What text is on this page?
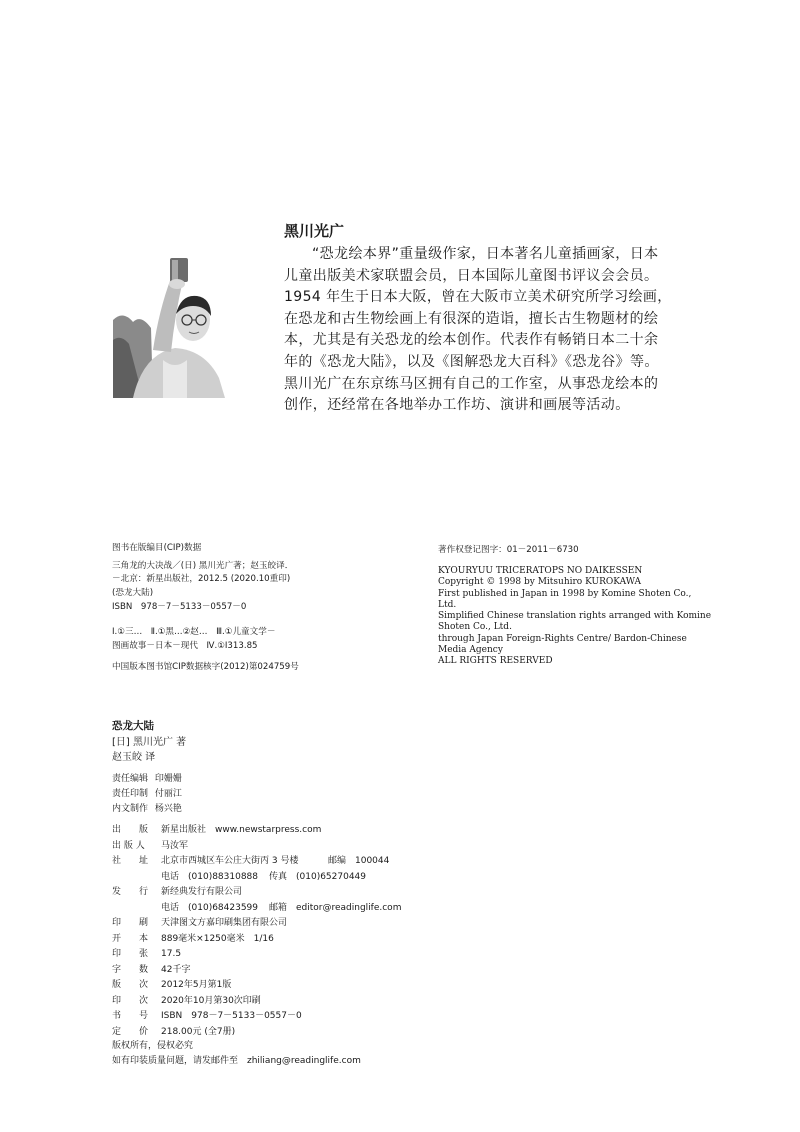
黑川光广
“恐龙绘本界”重量级作家，日本著名儿童插画家，日本
儿童出版美术家联盟会员，日本国际儿童图书评议会会员。
1954 年生于日本大阪，曾在大阪市立美术研究所学习绘画，
在恐龙和古生物绘画上有很深的造诣，擅长古生物题材的绘
本，尤其是有关恐龙的绘本创作。代表作有畅销日本二十余
年的《恐龙大陆》，以及《图解恐龙大百科》《恐龙谷》等。
黑川光广在东京练马区拥有自己的工作室，从事恐龙绘本的
创作，还经常在各地举办工作坊、演讲和画展等活动。
图书在版编目(CIP)数据
三角龙的大决战／(日) 黑川光广著；赵玉皎译．
－北京：新星出版社，2012.5 (2020.10重印)
(恐龙大陆)
ISBN　978－7－5133－0557－0
Ⅰ.①三…　Ⅱ.①黑…②赵…　Ⅲ.①儿童文学－
图画故事－日本－现代　Ⅳ.①I313.85
中国版本图书馆CIP数据核字(2012)第024759号
著作权登记图字：01－2011－6730
KYOURYUU TRICERATOPS NO DAIKESSEN
Copyright © 1998 by Mitsuhiro KUROKAWA
First published in Japan in 1998 by Komine Shoten Co.,
Ltd.
Simplified Chinese translation rights arranged with Komine
Shoten Co., Ltd.
through Japan Foreign-Rights Centre/ Bardon-Chinese
Media Agency
ALL RIGHTS RESERVED
恐龙大陆
[日] 黑川光广 著
赵玉皎 译
责任编辑 印姗姗
责任印制 付丽江
内文制作 杨兴艳
出　　版	新星出版社　www.newstarpress.com
出 版 人	马汝军
社　　址	北京市西城区车公庄大街丙 3 号楼	邮编　100044
电话　(010)88310888 传真　(010)65270449
发　　行	新经典发行有限公司
电话　(010)68423599 邮箱　editor@readinglife.com
印　　刷	天津图文方嘉印刷集团有限公司
开　　本	889毫米×1250毫米　1/16
印　　张	17.5
字　　数	42千字
版　　次	2012年5月第1版
印　　次	2020年10月第30次印刷
书　　号	ISBN　978－7－5133－0557－0
定　　价	218.00元 (全7册)
版权所有，侵权必究
如有印装质量问题，请发邮件至　zhiliang@readinglife.com
